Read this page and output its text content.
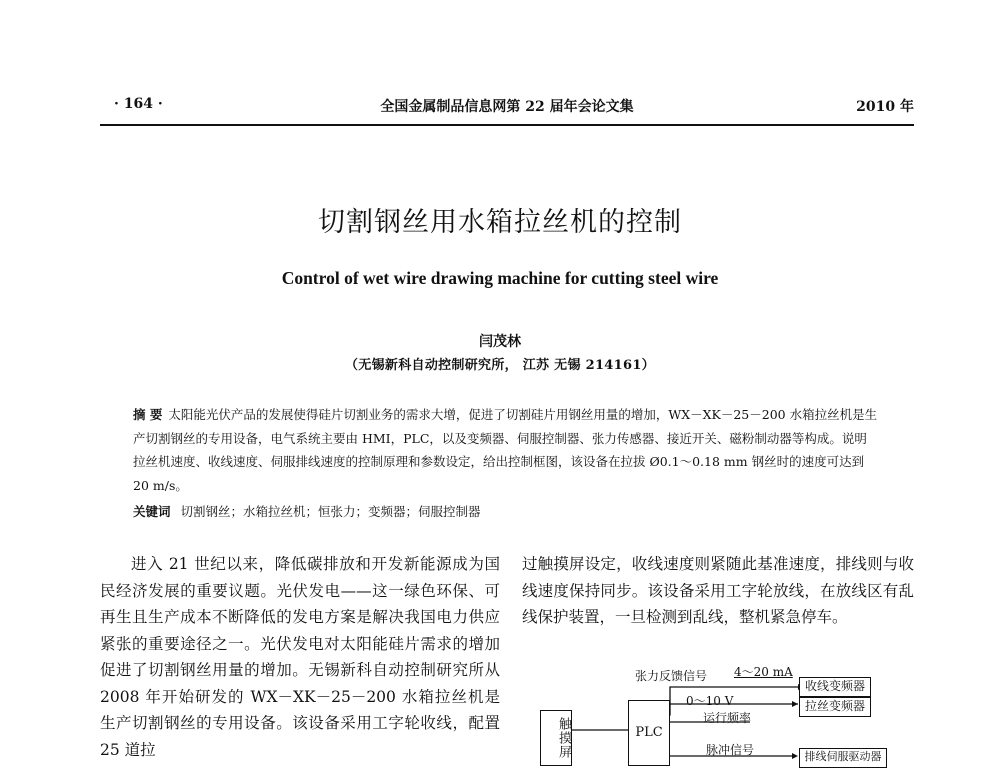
· 164 ·	全国金属制品信息网第 22 届年会论文集	2010 年
切割钢丝用水箱拉丝机的控制
Control of wet wire drawing machine for cutting steel wire
闫茂林
（无锡新科自动控制研究所， 江苏 无锡 214161）
摘 要 太阳能光伏产品的发展使得硅片切割业务的需求大增，促进了切割硅片用钢丝用量的增加，WX－XK－25－200 水箱拉丝机是生产切割钢丝的专用设备，电气系统主要由 HMI，PLC，以及变频器、伺服控制器、张力传感器、接近开关、磁粉制动器等构成。说明拉丝机速度、收线速度、伺服排线速度的控制原理和参数设定，给出控制框图，该设备在拉拔 Ø0.1～0.18 mm 钢丝时的速度可达到 20 m/s。
关键词 切割钢丝；水箱拉丝机；恒张力；变频器；伺服控制器
进入 21 世纪以来，降低碳排放和开发新能源成为国民经济发展的重要议题。光伏发电——这一绿色环保、可再生且生产成本不断降低的发电方案是解决我国电力供应紧张的重要途径之一。光伏发电对太阳能硅片需求的增加促进了切割钢丝用量的增加。无锡新科自动控制研究所从 2008 年开始研发的 WX－XK－25－200 水箱拉丝机是生产切割钢丝的专用设备。该设备采用工字轮收线，配置 25 道拉
过触摸屏设定，收线速度则紧随此基准速度，排线则与收线速度保持同步。该设备采用工字轮放线，在放线区有乱线保护装置，一旦检测到乱线，整机紧急停车。
张力反馈信号 4～20 mA
收线变频器
0～10 V	拉丝变频器
运行频率
触摸屏	PLC
脉冲信号	排线伺服驱动器
